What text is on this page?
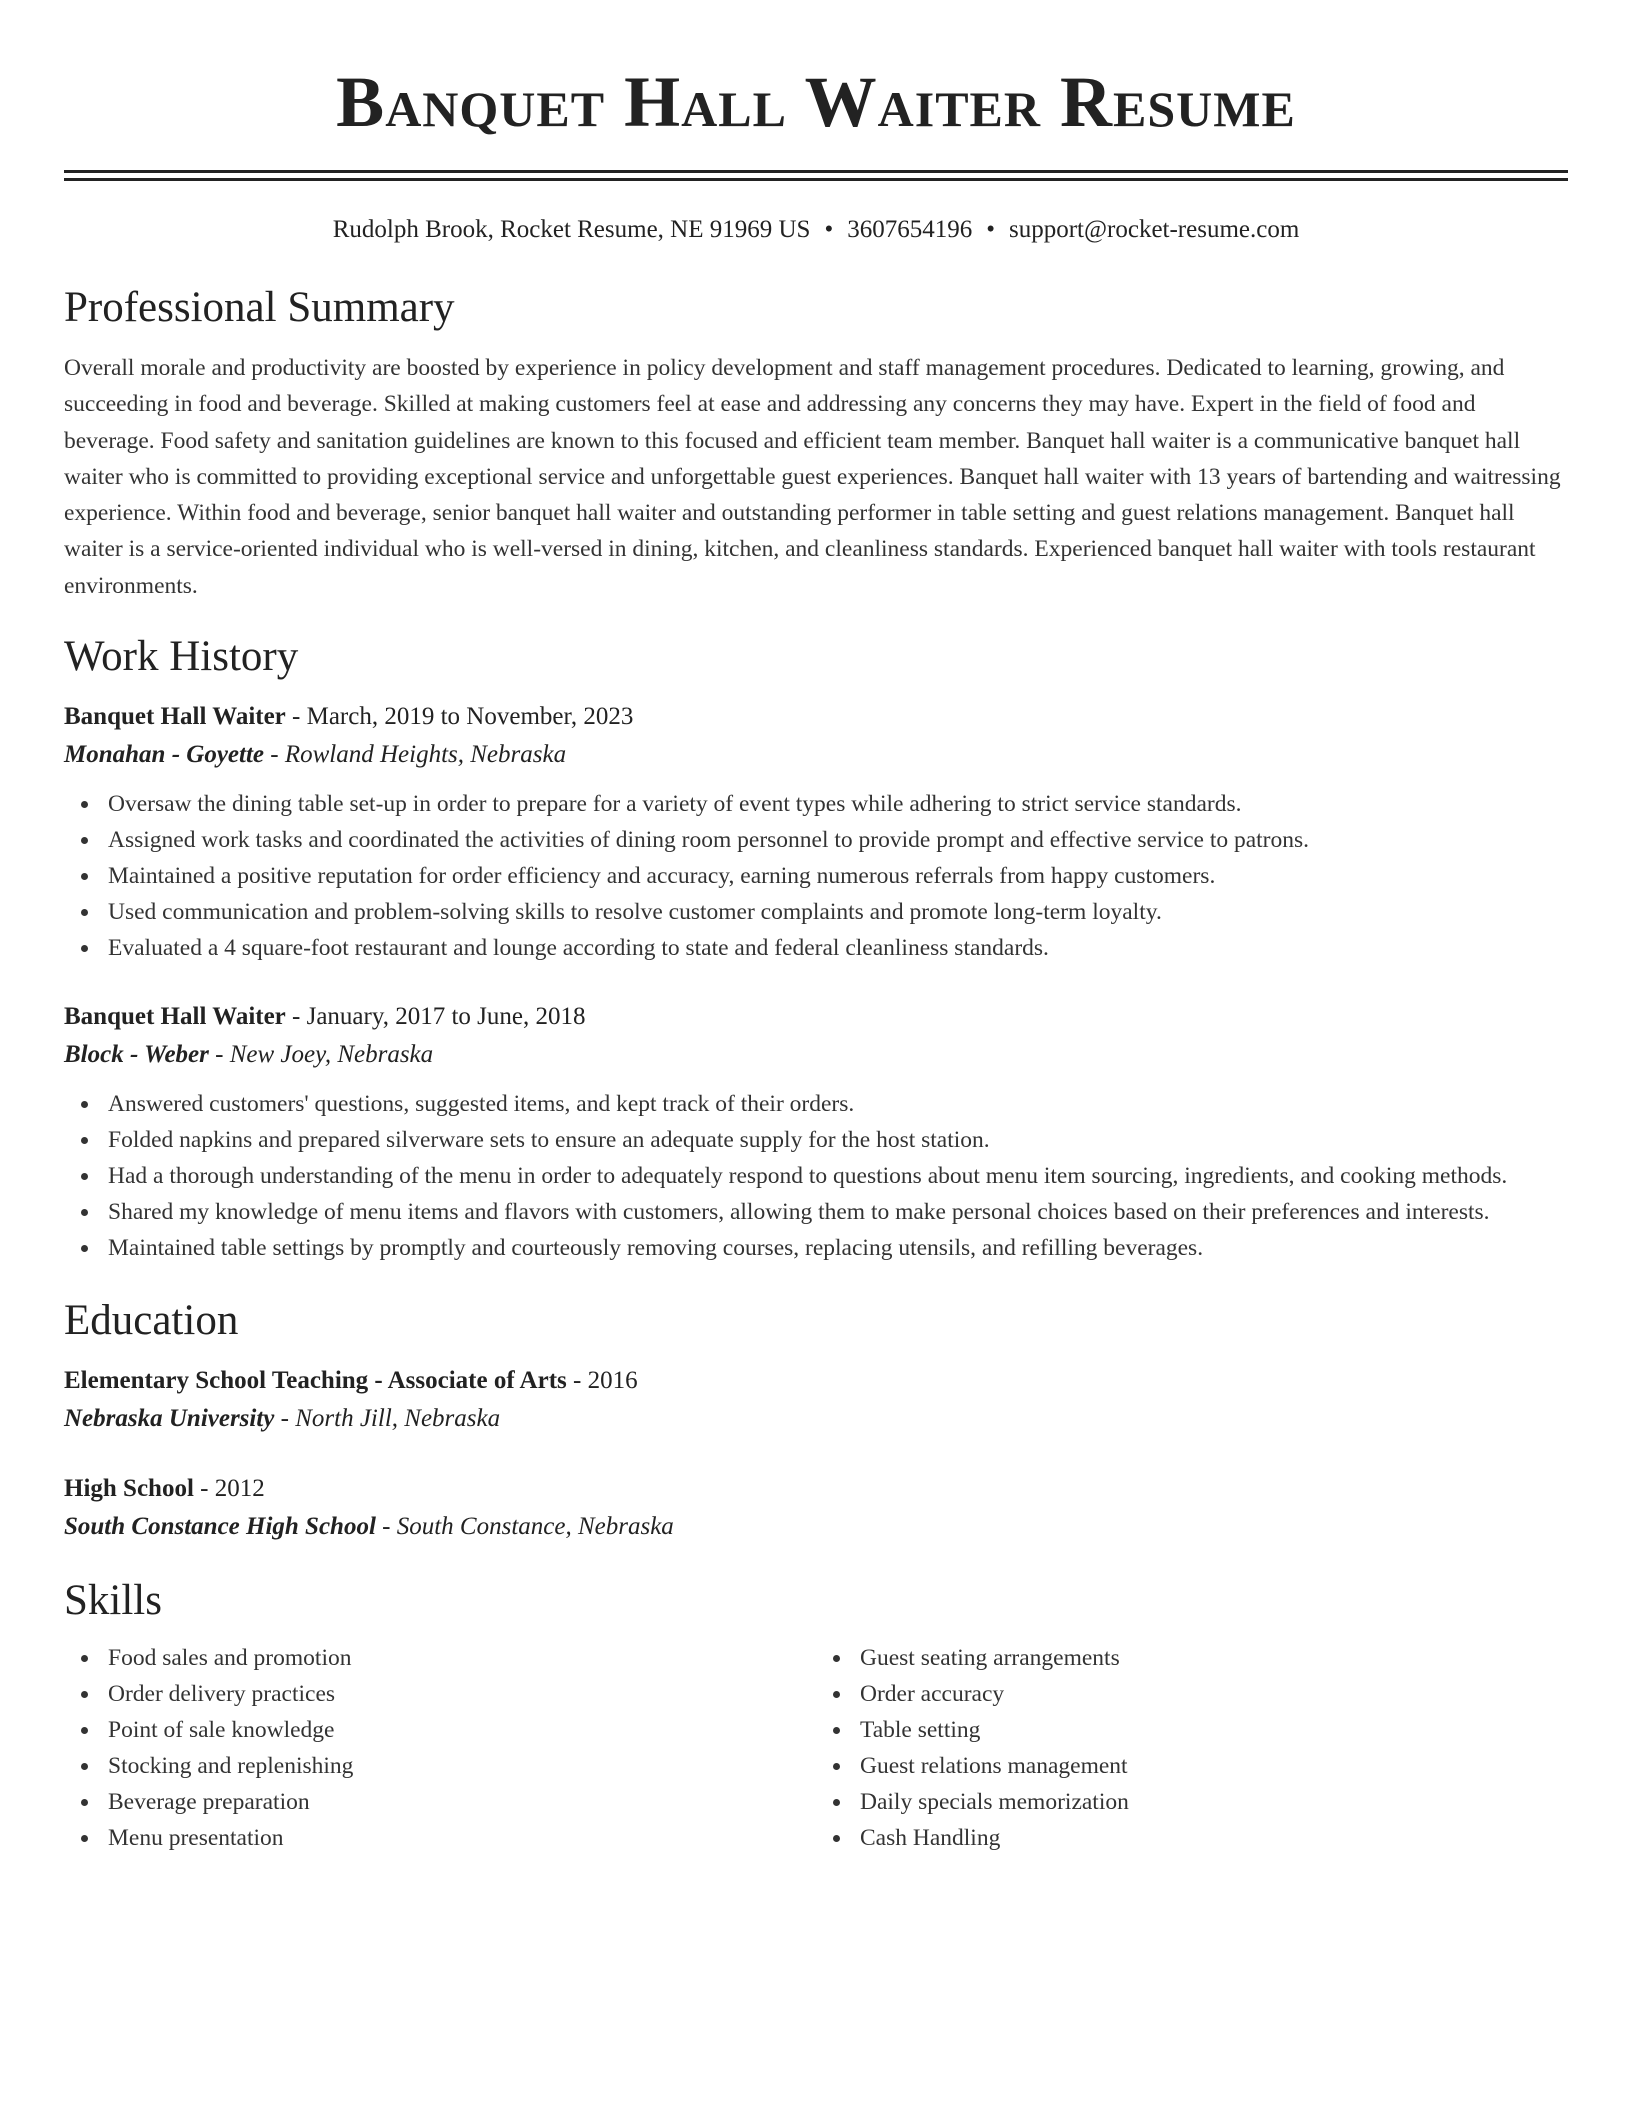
Banquet Hall Waiter Resume
Rudolph Brook, Rocket Resume, NE 91969 US • 3607654196 • support@rocket-resume.com
Professional Summary

Overall morale and productivity are boosted by experience in policy development and staff management procedures. Dedicated to learning, growing, and succeeding in food and beverage. Skilled at making customers feel at ease and addressing any concerns they may have. Expert in the field of food and beverage. Food safety and sanitation guidelines are known to this focused and efficient team member. Banquet hall waiter is a communicative banquet hall waiter who is committed to providing exceptional service and unforgettable guest experiences. Banquet hall waiter with 13 years of bartending and waitressing experience. Within food and beverage, senior banquet hall waiter and outstanding performer in table setting and guest relations management. Banquet hall waiter is a service-oriented individual who is well-versed in dining, kitchen, and cleanliness standards. Experienced banquet hall waiter with tools restaurant environments.

Work History
Banquet Hall Waiter - March, 2019 to November, 2023
Monahan - Goyette - Rowland Heights, Nebraska
Oversaw the dining table set-up in order to prepare for a variety of event types while adhering to strict service standards.
Assigned work tasks and coordinated the activities of dining room personnel to provide prompt and effective service to patrons.
Maintained a positive reputation for order efficiency and accuracy, earning numerous referrals from happy customers.
Used communication and problem-solving skills to resolve customer complaints and promote long-term loyalty.
Evaluated a 4 square-foot restaurant and lounge according to state and federal cleanliness standards.
Banquet Hall Waiter - January, 2017 to June, 2018
Block - Weber - New Joey, Nebraska
Answered customers' questions, suggested items, and kept track of their orders.
Folded napkins and prepared silverware sets to ensure an adequate supply for the host station.
Had a thorough understanding of the menu in order to adequately respond to questions about menu item sourcing, ingredients, and cooking methods.
Shared my knowledge of menu items and flavors with customers, allowing them to make personal choices based on their preferences and interests.
Maintained table settings by promptly and courteously removing courses, replacing utensils, and refilling beverages.
Education
Elementary School Teaching - Associate of Arts - 2016
Nebraska University - North Jill, Nebraska
High School - 2012
South Constance High School - South Constance, Nebraska
Skills
Food sales and promotion
Order delivery practices
Point of sale knowledge
Stocking and replenishing
Beverage preparation
Menu presentation
Guest seating arrangements
Order accuracy
Table setting
Guest relations management
Daily specials memorization
Cash Handling
